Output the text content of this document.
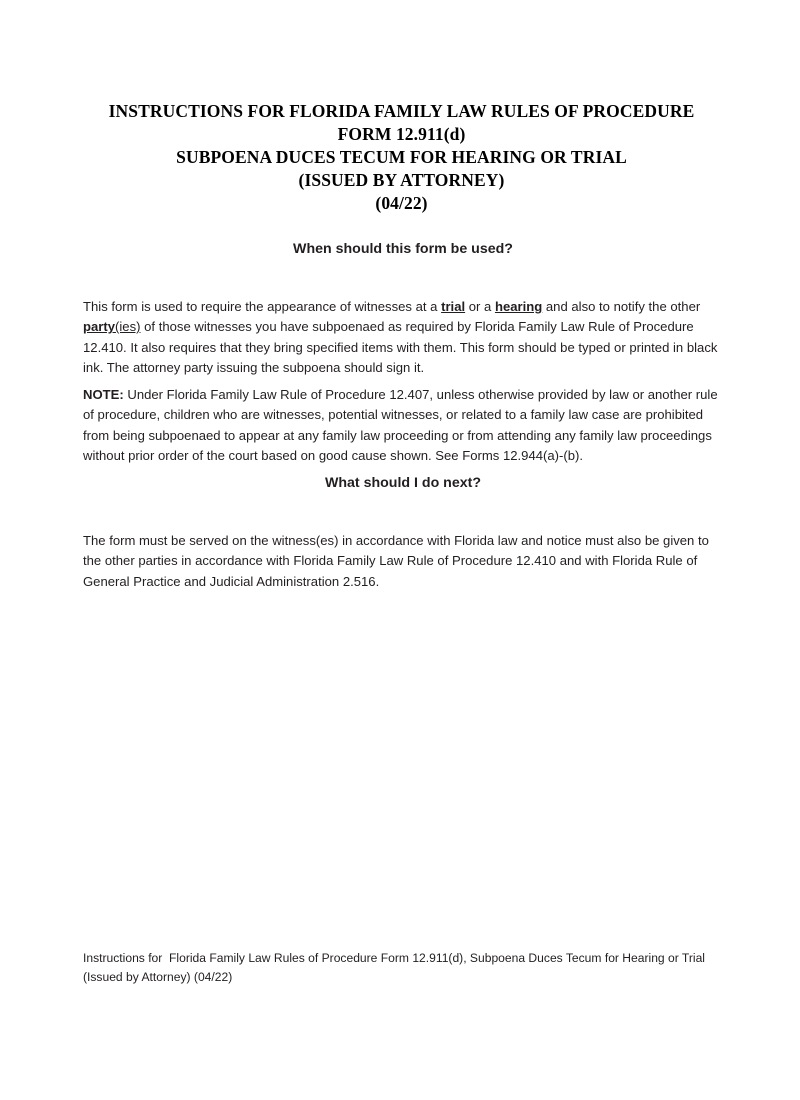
INSTRUCTIONS FOR FLORIDA FAMILY LAW RULES OF PROCEDURE
FORM 12.911(d)
SUBPOENA DUCES TECUM FOR HEARING OR TRIAL
(ISSUED BY ATTORNEY)
(04/22)
When should this form be used?

This form is used to require the appearance of witnesses at a trial or a hearing and also to notify the other party(ies) of those witnesses you have subpoenaed as required by Florida Family Law Rule of Procedure 12.410. It also requires that they bring specified items with them. This form should be typed or printed in black ink. The attorney party issuing the subpoena should sign it.

NOTE: Under Florida Family Law Rule of Procedure 12.407, unless otherwise provided by law or another rule of procedure, children who are witnesses, potential witnesses, or related to a family law case are prohibited from being subpoenaed to appear at any family law proceeding or from attending any family law proceedings without prior order of the court based on good cause shown. See Forms 12.944(a)-(b).

What should I do next?

The form must be served on the witness(es) in accordance with Florida law and notice must also be given to the other parties in accordance with Florida Family Law Rule of Procedure 12.410 and with Florida Rule of General Practice and Judicial Administration 2.516.

Instructions for  Florida Family Law Rules of Procedure Form 12.911(d), Subpoena Duces Tecum for Hearing or Trial (Issued by Attorney) (04/22)
